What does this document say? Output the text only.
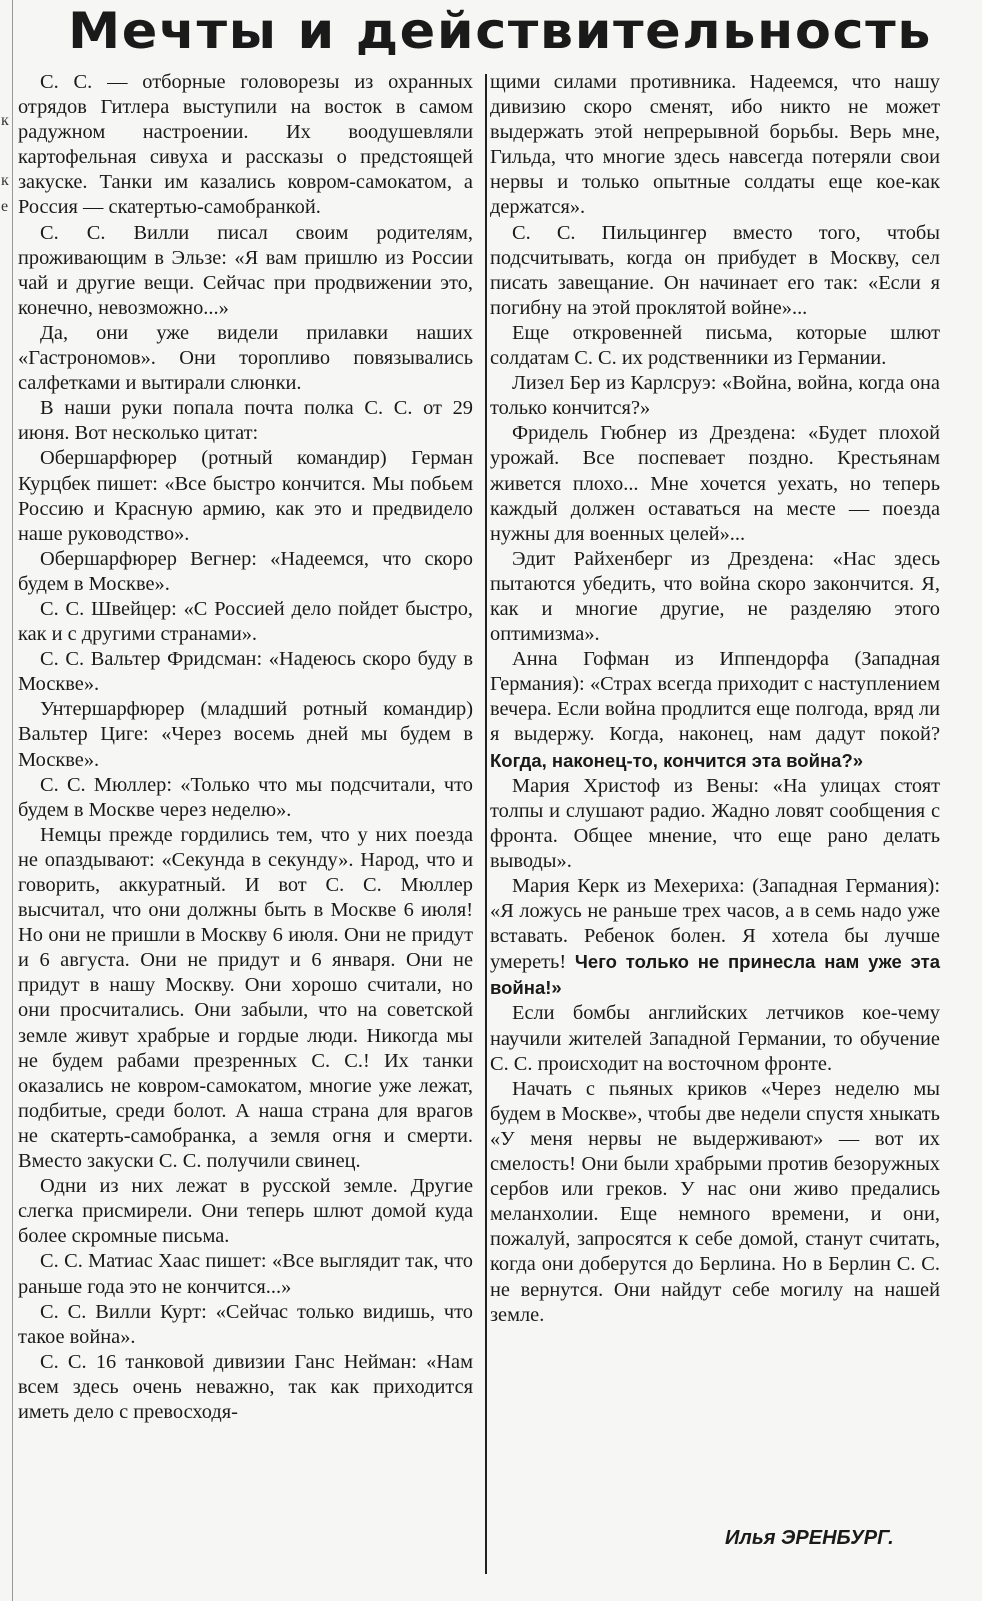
к
к
е
Мечты и действительность

С. С. — отборные головорезы из охранных отрядов Гитлера выступили на восток в самом радужном настроении. Их воодушевляли картофельная сивуха и рассказы о предстоящей закуске. Танки им казались ковром-самокатом, а Россия — скатертью-самобранкой.

С. С. Вилли писал своим родителям, проживающим в Эльзе: «Я вам пришлю из России чай и другие вещи. Сейчас при продвижении это, конечно, невозможно...»

Да, они уже видели прилавки наших «Гастрономов». Они торопливо повязывались салфетками и вытирали слюнки.

В наши руки попала почта полка С. С. от 29 июня. Вот несколько цитат:

Обершарфюрер (ротный командир) Герман Курцбек пишет: «Все быстро кончится. Мы побьем Россию и Красную армию, как это и предвидело наше руководство».

Обершарфюрер Вегнер: «Надеемся, что скоро будем в Москве».

С. С. Швейцер: «С Россией дело пойдет быстро, как и с другими странами».

С. С. Вальтер Фридсман: «Надеюсь скоро буду в Москве».

Унтершарфюрер (младший ротный командир) Вальтер Циге: «Через восемь дней мы будем в Москве».

С. С. Мюллер: «Только что мы подсчитали, что будем в Москве через неделю».

Немцы прежде гордились тем, что у них поезда не опаздывают: «Секунда в секунду». Народ, что и говорить, аккуратный. И вот С. С. Мюллер высчитал, что они должны быть в Москве 6 июля! Но они не пришли в Москву 6 июля. Они не придут и 6 августа. Они не придут и 6 января. Они не придут в нашу Москву. Они хорошо считали, но они просчитались. Они забыли, что на советской земле живут храбрые и гордые люди. Никогда мы не будем рабами презренных С. С.! Их танки оказались не ковром-самокатом, многие уже лежат, подбитые, среди болот. А наша страна для врагов не скатерть-самобранка, а земля огня и смерти. Вместо закуски С. С. получили свинец.

Одни из них лежат в русской земле. Другие слегка присмирели. Они теперь шлют домой куда более скромные письма.

С. С. Матиас Хаас пишет: «Все выглядит так, что раньше года это не кончится...»

С. С. Вилли Курт: «Сейчас только видишь, что такое война».

С. С. 16 танковой дивизии Ганс Нейман: «Нам всем здесь очень неважно, так как приходится иметь дело с превосходя-

щими силами противника. Надеемся, что нашу дивизию скоро сменят, ибо никто не может выдержать этой непрерывной борьбы. Верь мне, Гильда, что многие здесь навсегда потеряли свои нервы и только опытные солдаты еще кое-как держатся».

С. С. Пильцингер вместо того, чтобы подсчитывать, когда он прибудет в Москву, сел писать завещание. Он начинает его так: «Если я погибну на этой проклятой войне»...

Еще откровенней письма, которые шлют солдатам С. С. их родственники из Германии.

Лизел Бер из Карлсруэ: «Война, война, когда она только кончится?»

Фридель Гюбнер из Дрездена: «Будет плохой урожай. Все поспевает поздно. Крестьянам живется плохо... Мне хочется уехать, но теперь каждый должен оставаться на месте — поезда нужны для военных целей»...

Эдит Райхенберг из Дрездена: «Нас здесь пытаются убедить, что война скоро закончится. Я, как и многие другие, не разделяю этого оптимизма».

Анна Гофман из Иппендорфа (Западная Германия): «Страх всегда приходит с наступлением вечера. Если война продлится еще полгода, вряд ли я выдержу. Когда, наконец, нам дадут покой? Когда, наконец-то, кончится эта война?»

Мария Христоф из Вены: «На улицах стоят толпы и слушают радио. Жадно ловят сообщения с фронта. Общее мнение, что еще рано делать выводы».

Мария Керк из Мехериха: (Западная Германия): «Я ложусь не раньше трех часов, а в семь надо уже вставать. Ребенок болен. Я хотела бы лучше умереть! Чего только не принесла нам уже эта война!»

Если бомбы английских летчиков кое-чему научили жителей Западной Германии, то обучение С. С. происходит на восточном фронте.

Начать с пьяных криков «Через неделю мы будем в Москве», чтобы две недели спустя хныкать «У меня нервы не выдерживают» — вот их смелость! Они были храбрыми против безоружных сербов или греков. У нас они живо предались меланхолии. Еще немного времени, и они, пожалуй, запросятся к себе домой, станут считать, когда они доберутся до Берлина. Но в Берлин С. С. не вернутся. Они найдут себе могилу на нашей земле.

Илья ЭРЕНБУРГ.
